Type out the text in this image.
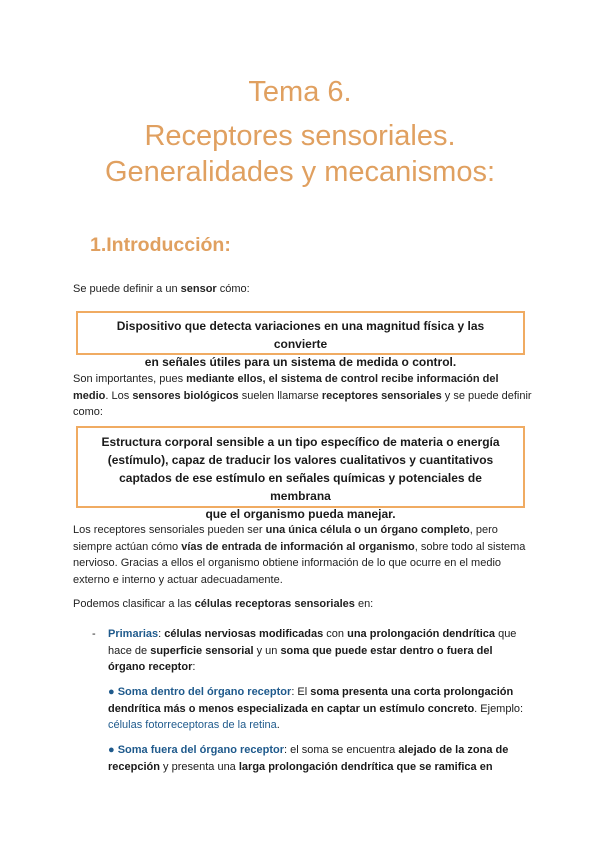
Tema 6.
Receptores sensoriales.
Generalidades y mecanismos:
1.Introducción:

Se puede definir a un sensor cómo:

Dispositivo que detecta variaciones en una magnitud física y las convierte

en señales útiles para un sistema de medida o control.

Son importantes, pues mediante ellos, el sistema de control recibe información del medio. Los sensores biológicos suelen llamarse receptores sensoriales y se puede definir como:

Estructura corporal sensible a un tipo específico de materia o energía

(estímulo), capaz de traducir los valores cualitativos y cuantitativos

captados de ese estímulo en señales químicas y potenciales de membrana

que el organismo pueda manejar.

Los receptores sensoriales pueden ser una única célula o un órgano completo, pero siempre actúan cómo vías de entrada de información al organismo, sobre todo al sistema nervioso. Gracias a ellos el organismo obtiene información de lo que ocurre en el medio externo e interno y actuar adecuadamente.

Podemos clasificar a las células receptoras sensoriales en:

- Primarias: células nerviosas modificadas con una prolongación dendrítica que hace de superficie sensorial y un soma que puede estar dentro o fuera del órgano receptor:

● Soma dentro del órgano receptor: El soma presenta una corta prolongación dendrítica más o menos especializada en captar un estímulo concreto. Ejemplo: células fotorreceptoras de la retina.

● Soma fuera del órgano receptor: el soma se encuentra alejado de la zona de recepción y presenta una larga prolongación dendrítica que se ramifica en
